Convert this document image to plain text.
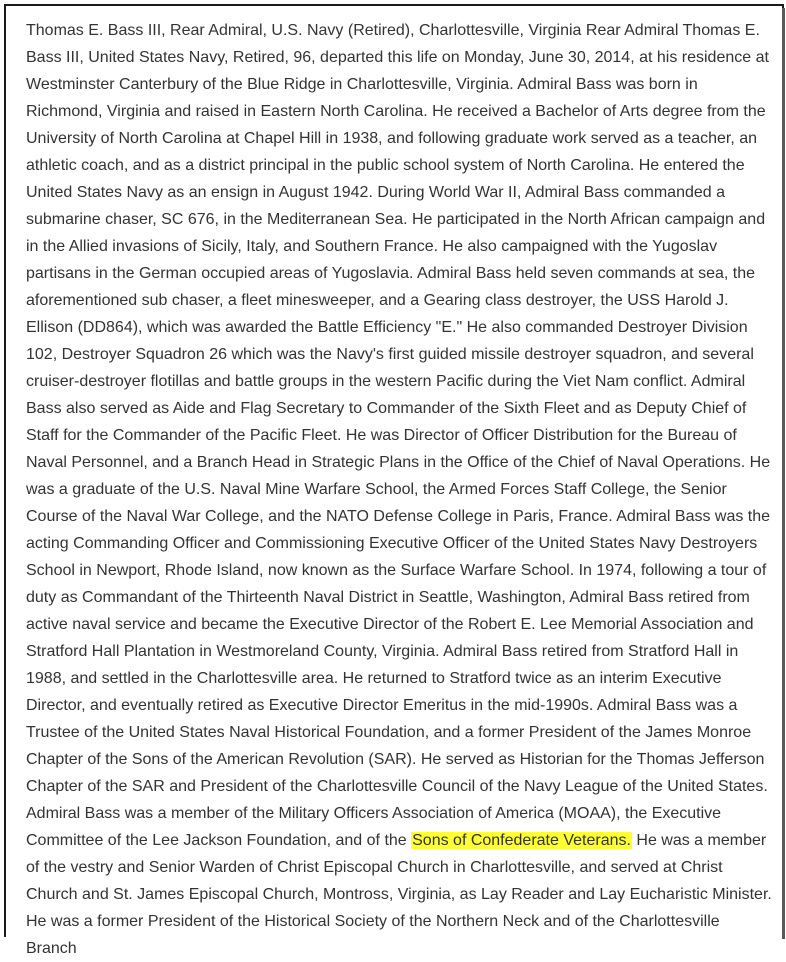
Thomas E. Bass III, Rear Admiral, U.S. Navy (Retired), Charlottesville, Virginia Rear Admiral Thomas E. Bass III, United States Navy, Retired, 96, departed this life on Monday, June 30, 2014, at his residence at Westminster Canterbury of the Blue Ridge in Charlottesville, Virginia. Admiral Bass was born in Richmond, Virginia and raised in Eastern North Carolina. He received a Bachelor of Arts degree from the University of North Carolina at Chapel Hill in 1938, and following graduate work served as a teacher, an athletic coach, and as a district principal in the public school system of North Carolina. He entered the United States Navy as an ensign in August 1942. During World War II, Admiral Bass commanded a submarine chaser, SC 676, in the Mediterranean Sea. He participated in the North African campaign and in the Allied invasions of Sicily, Italy, and Southern France. He also campaigned with the Yugoslav partisans in the German occupied areas of Yugoslavia. Admiral Bass held seven commands at sea, the aforementioned sub chaser, a fleet minesweeper, and a Gearing class destroyer, the USS Harold J. Ellison (DD864), which was awarded the Battle Efficiency "E." He also commanded Destroyer Division 102, Destroyer Squadron 26 which was the Navy's first guided missile destroyer squadron, and several cruiser-destroyer flotillas and battle groups in the western Pacific during the Viet Nam conflict. Admiral Bass also served as Aide and Flag Secretary to Commander of the Sixth Fleet and as Deputy Chief of Staff for the Commander of the Pacific Fleet. He was Director of Officer Distribution for the Bureau of Naval Personnel, and a Branch Head in Strategic Plans in the Office of the Chief of Naval Operations. He was a graduate of the U.S. Naval Mine Warfare School, the Armed Forces Staff College, the Senior Course of the Naval War College, and the NATO Defense College in Paris, France. Admiral Bass was the acting Commanding Officer and Commissioning Executive Officer of the United States Navy Destroyers School in Newport, Rhode Island, now known as the Surface Warfare School. In 1974, following a tour of duty as Commandant of the Thirteenth Naval District in Seattle, Washington, Admiral Bass retired from active naval service and became the Executive Director of the Robert E. Lee Memorial Association and Stratford Hall Plantation in Westmoreland County, Virginia. Admiral Bass retired from Stratford Hall in 1988, and settled in the Charlottesville area. He returned to Stratford twice as an interim Executive Director, and eventually retired as Executive Director Emeritus in the mid-1990s. Admiral Bass was a Trustee of the United States Naval Historical Foundation, and a former President of the James Monroe Chapter of the Sons of the American Revolution (SAR). He served as Historian for the Thomas Jefferson Chapter of the SAR and President of the Charlottesville Council of the Navy League of the United States. Admiral Bass was a member of the Military Officers Association of America (MOAA), the Executive Committee of the Lee Jackson Foundation, and of the Sons of Confederate Veterans. He was a member of the vestry and Senior Warden of Christ Episcopal Church in Charlottesville, and served at Christ Church and St. James Episcopal Church, Montross, Virginia, as Lay Reader and Lay Eucharistic Minister. He was a former President of the Historical Society of the Northern Neck and of the Charlottesville Branch
